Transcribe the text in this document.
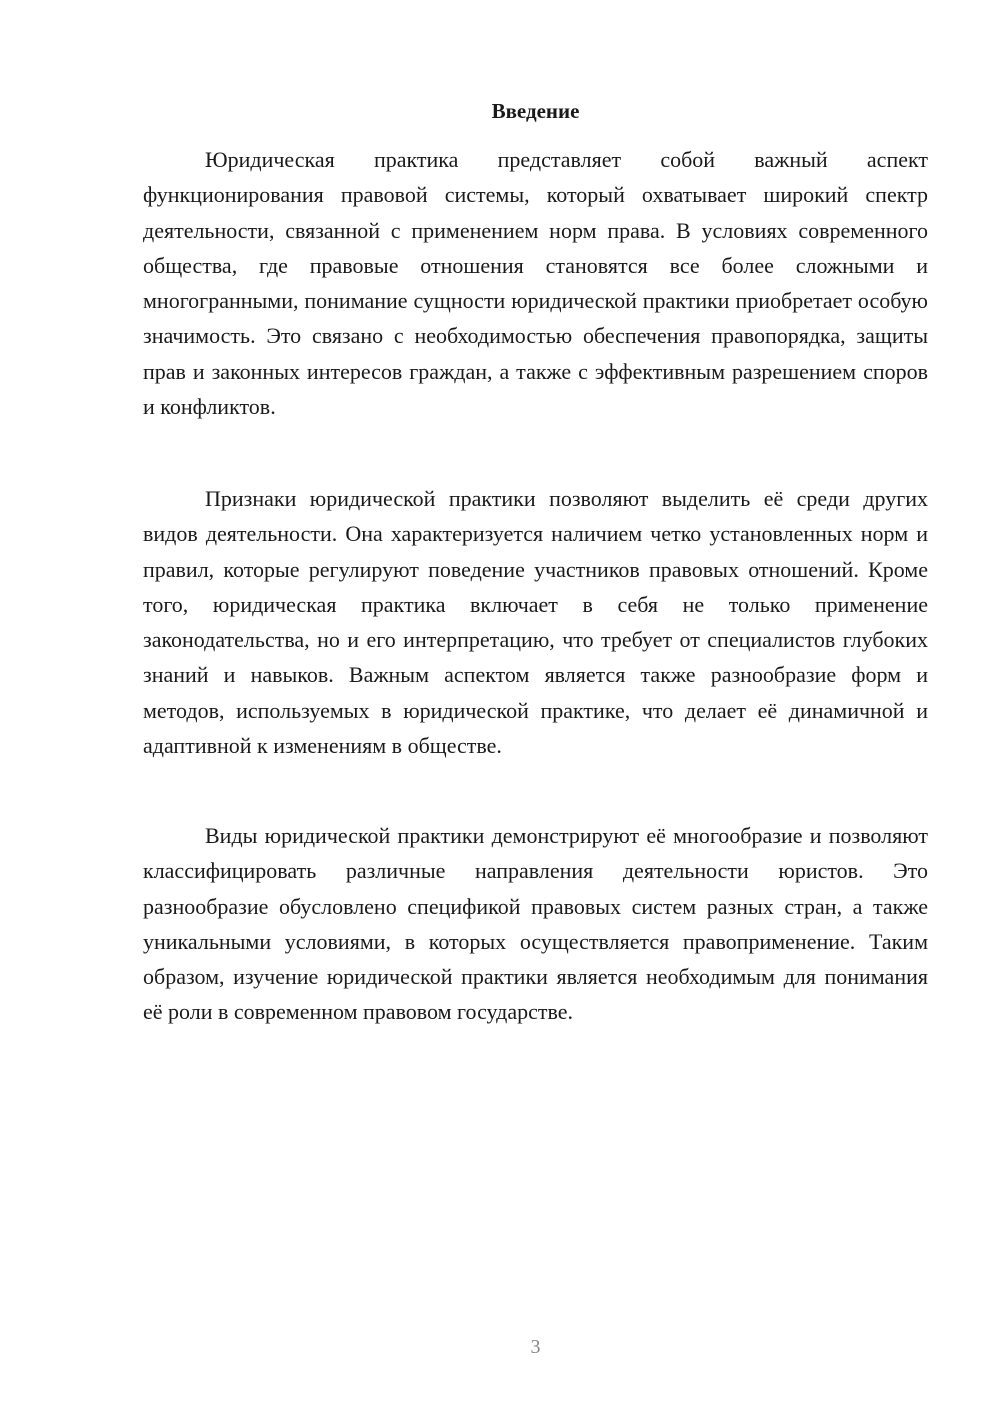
Введение

Юридическая практика представляет собой важный аспект функционирования правовой системы, который охватывает широкий спектр деятельности, связанной с применением норм права. В условиях современного общества, где правовые отношения становятся все более сложными и многогранными, понимание сущности юридической практики приобретает особую значимость. Это связано с необходимостью обеспечения правопорядка, защиты прав и законных интересов граждан, а также с эффективным разрешением споров и конфликтов.

Признаки юридической практики позволяют выделить её среди других видов деятельности. Она характеризуется наличием четко установленных норм и правил, которые регулируют поведение участников правовых отношений. Кроме того, юридическая практика включает в себя не только применение законодательства, но и его интерпретацию, что требует от специалистов глубоких знаний и навыков. Важным аспектом является также разнообразие форм и методов, используемых в юридической практике, что делает её динамичной и адаптивной к изменениям в обществе.

Виды юридической практики демонстрируют её многообразие и позволяют классифицировать различные направления деятельности юристов. Это разнообразие обусловлено спецификой правовых систем разных стран, а также уникальными условиями, в которых осуществляется правоприменение. Таким образом, изучение юридической практики является необходимым для понимания её роли в современном правовом государстве.

3
